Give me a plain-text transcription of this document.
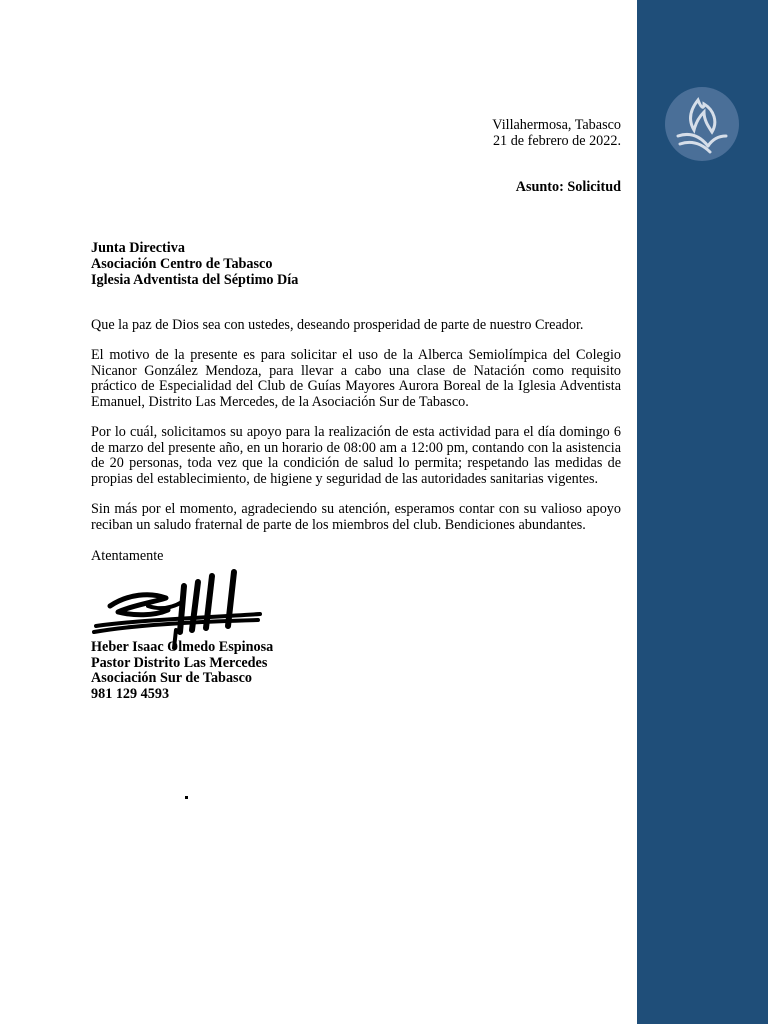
Villahermosa, Tabasco
21 de febrero de 2022.
Asunto: Solicitud
Junta Directiva
Asociación Centro de Tabasco
Iglesia Adventista del Séptimo Día
Que la paz de Dios sea con ustedes, deseando prosperidad de parte de nuestro Creador.
El motivo de la presente es para solicitar el uso de la Alberca Semiolímpica del Colegio Nicanor González Mendoza, para llevar a cabo una clase de Natación como requisito práctico de Especialidad del Club de Guías Mayores Aurora Boreal de la Iglesia Adventista Emanuel, Distrito Las Mercedes, de la Asociación Sur de Tabasco.
Por lo cuál, solicitamos su apoyo para la realización de esta actividad para el día domingo 6 de marzo del presente año, en un horario de 08:00 am a 12:00 pm, contando con la asistencia de 20 personas, toda vez que la condición de salud lo permita; respetando las medidas de propias del establecimiento, de higiene y seguridad de las autoridades sanitarias vigentes.
Sin más por el momento, agradeciendo su atención, esperamos contar con su valioso apoyo reciban un saludo fraternal de parte de los miembros del club. Bendiciones abundantes.
Atentamente
Heber Isaac Olmedo Espinosa
Pastor Distrito Las Mercedes
Asociación Sur de Tabasco
981 129 4593
